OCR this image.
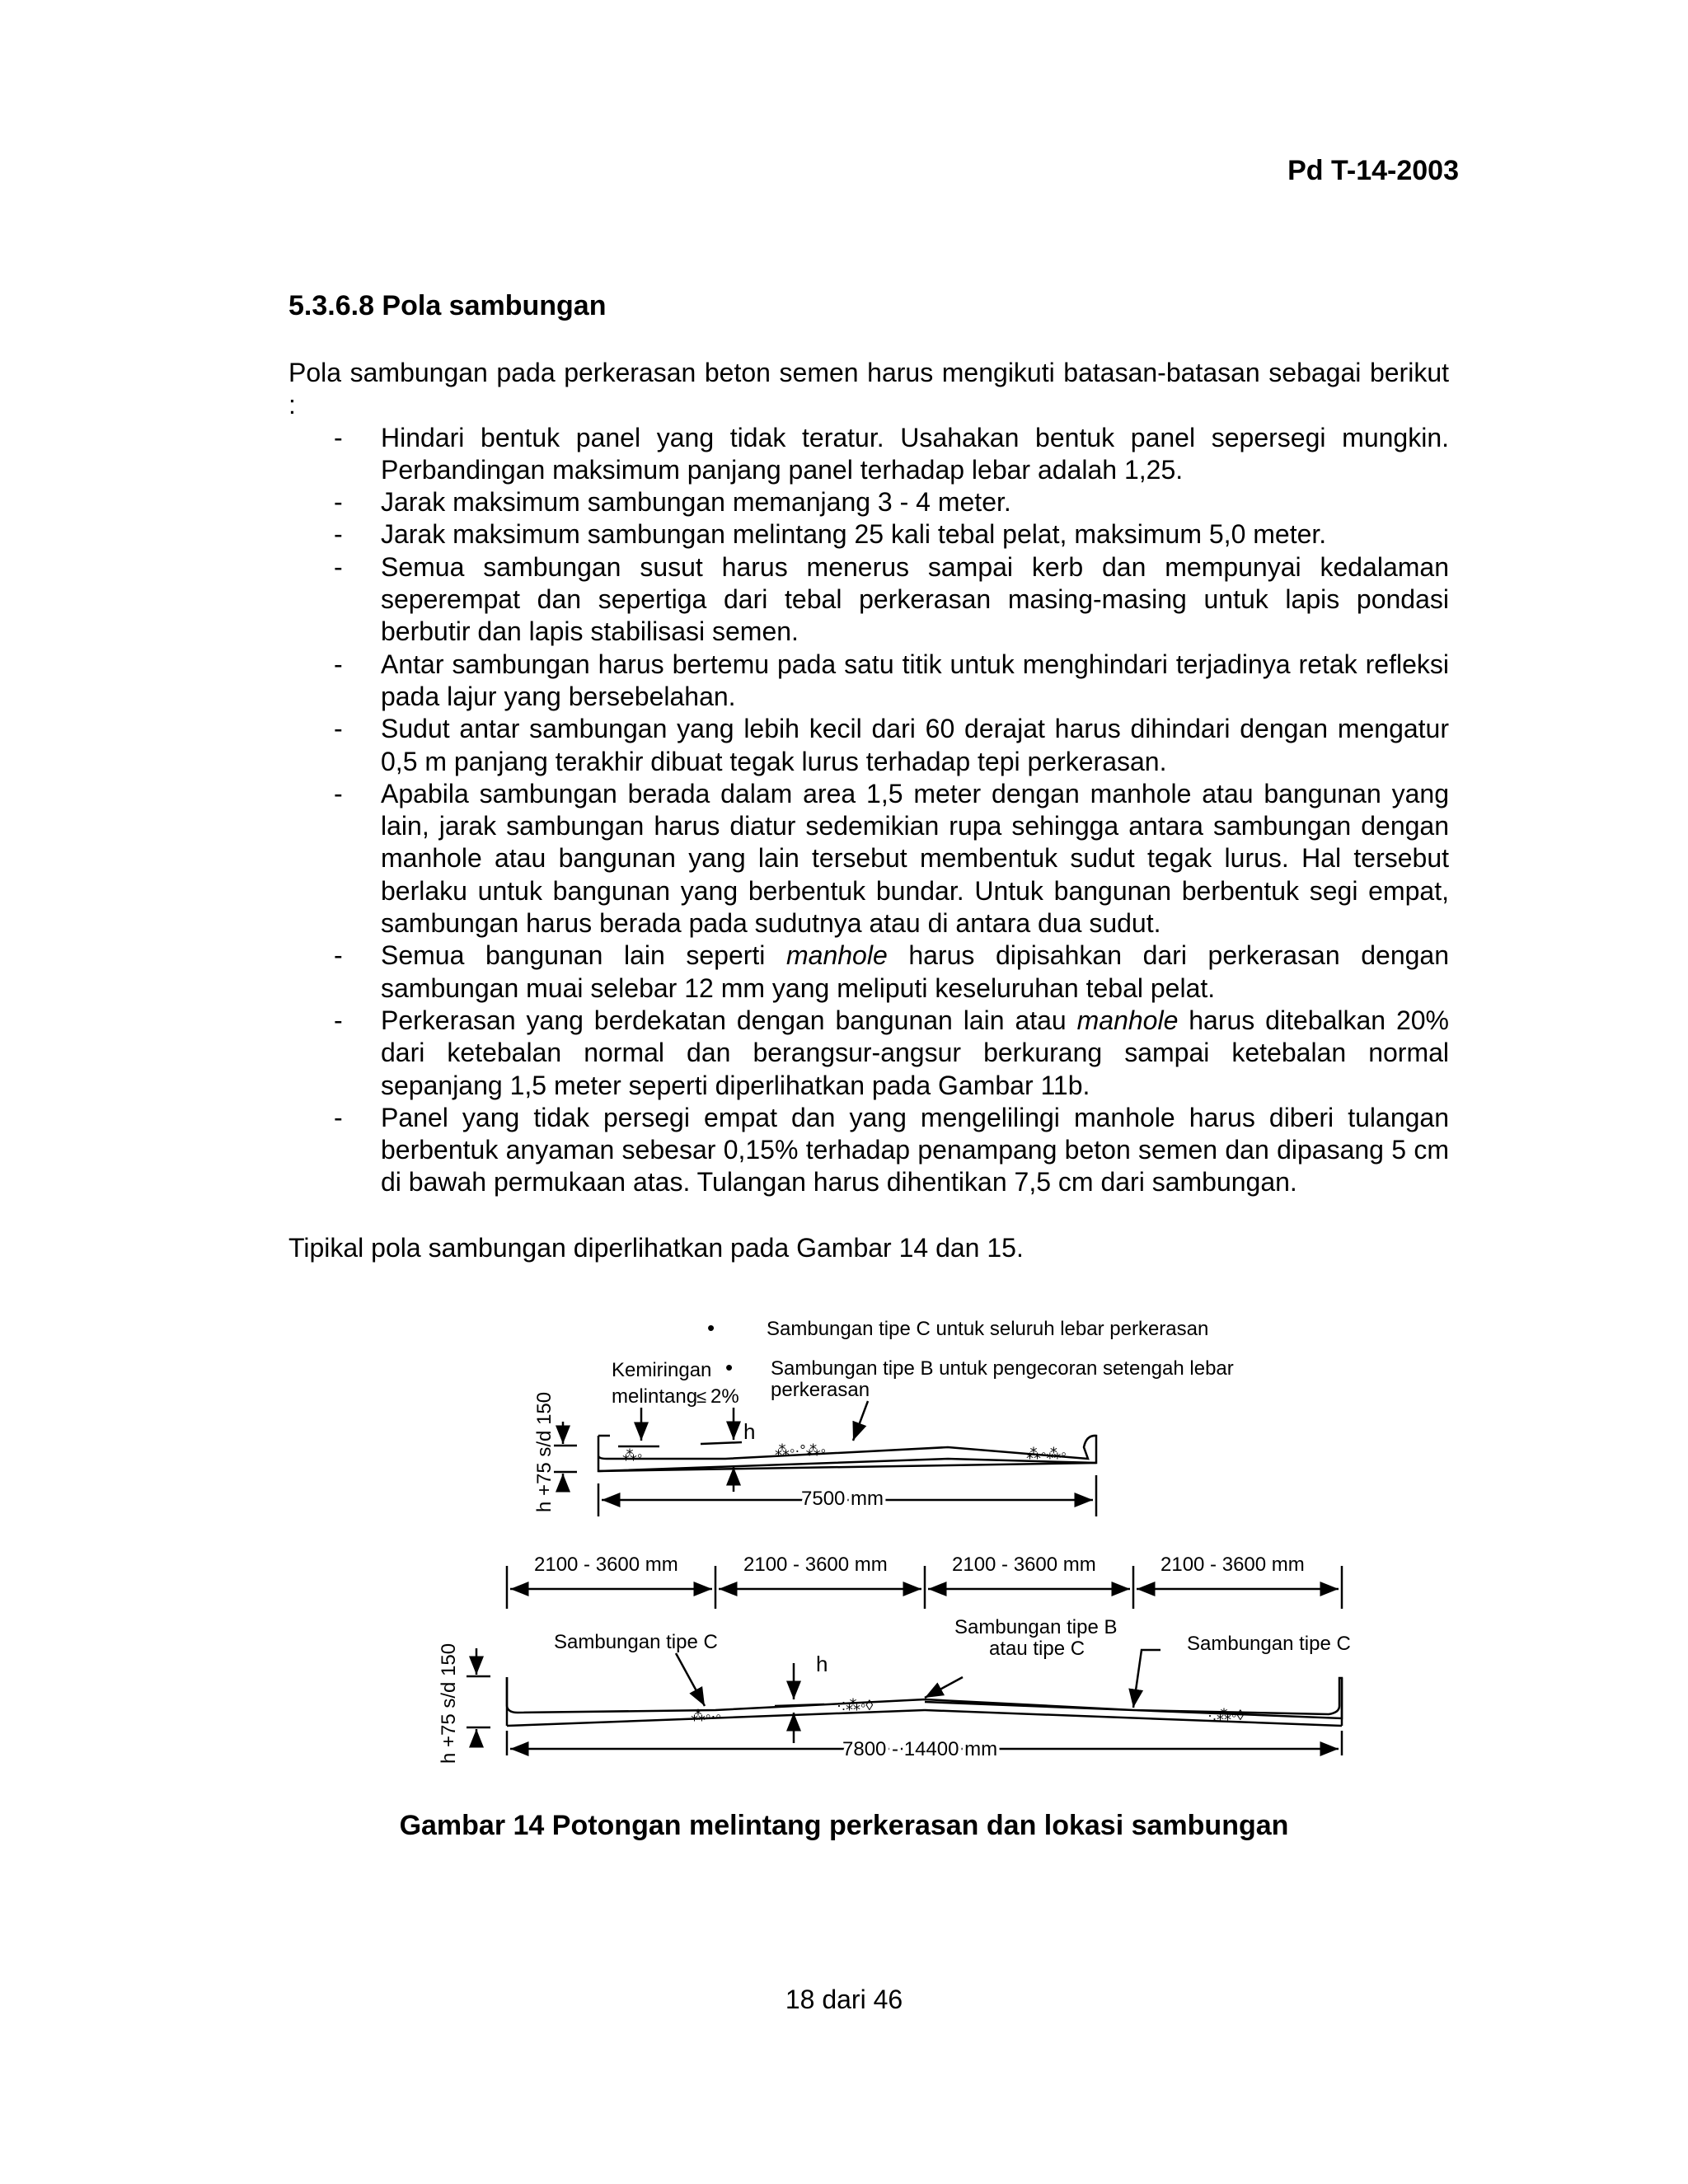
Pd T-14-2003
5.3.6.8 Pola sambungan

Pola sambungan pada perkerasan beton semen harus mengikuti batasan-batasan sebagai berikut :

- Hindari bentuk panel yang tidak teratur. Usahakan bentuk panel sepersegi mungkin. Perbandingan maksimum panjang panel terhadap lebar adalah 1,25.
- Jarak maksimum sambungan memanjang 3 - 4 meter.
- Jarak maksimum sambungan melintang 25 kali tebal pelat, maksimum 5,0 meter.
- Semua sambungan susut harus menerus sampai kerb dan mempunyai kedalaman seperempat dan sepertiga dari tebal perkerasan masing-masing untuk lapis pondasi berbutir dan lapis stabilisasi semen.
- Antar sambungan harus bertemu pada satu titik untuk menghindari terjadinya retak refleksi pada lajur yang bersebelahan.
- Sudut antar sambungan yang lebih kecil dari 60 derajat harus dihindari dengan mengatur 0,5 m panjang terakhir dibuat tegak lurus terhadap tepi perkerasan.
- Apabila sambungan berada dalam area 1,5 meter dengan manhole atau bangunan yang lain, jarak sambungan harus diatur sedemikian rupa sehingga antara sambungan dengan manhole atau bangunan yang lain tersebut membentuk sudut tegak lurus. Hal tersebut berlaku untuk bangunan yang berbentuk bundar. Untuk bangunan berbentuk segi empat, sambungan harus berada pada sudutnya atau di antara dua sudut.
- Semua bangunan lain seperti manhole harus dipisahkan dari perkerasan dengan sambungan muai selebar 12 mm yang meliputi keseluruhan tebal pelat.
- Perkerasan yang berdekatan dengan bangunan lain atau manhole harus ditebalkan 20% dari ketebalan normal dan berangsur-angsur berkurang sampai ketebalan normal sepanjang 1,5 meter seperti diperlihatkan pada Gambar 11b.
- Panel yang tidak persegi empat dan yang mengelilingi manhole harus diberi tulangan berbentuk anyaman sebesar 0,15% terhadap penampang beton semen dan dipasang 5 cm di bawah permukaan atas. Tulangan harus dihentikan 7,5 cm dari sambungan.

Tipikal pola sambungan diperlihatkan pada Gambar 14 dan 15.

•	Sambungan tipe C untuk seluruh lebar perkerasan
• Sambungan tipe B untuk pengecoran setengah lebar
perkerasan
⁂◦	⁂◦·°⁂◦	⁂◦⁂◦
Kemiringan
melintang
≤ 2%
h
7500 mm
h +75 s/d 150
⁂◦·◦
·:⁂◦◊
·:⁂◦◊
2100 - 3600 mm	2100 - 3600 mm	2100 - 3600 mm	2100 - 3600 mm
Sambungan tipe C
Sambungan tipe B
atau tipe C	Sambungan tipe C
h
7800 - 14400 mm
h +75 s/d 150
Gambar 14 Potongan melintang perkerasan dan lokasi sambungan
18 dari 46
